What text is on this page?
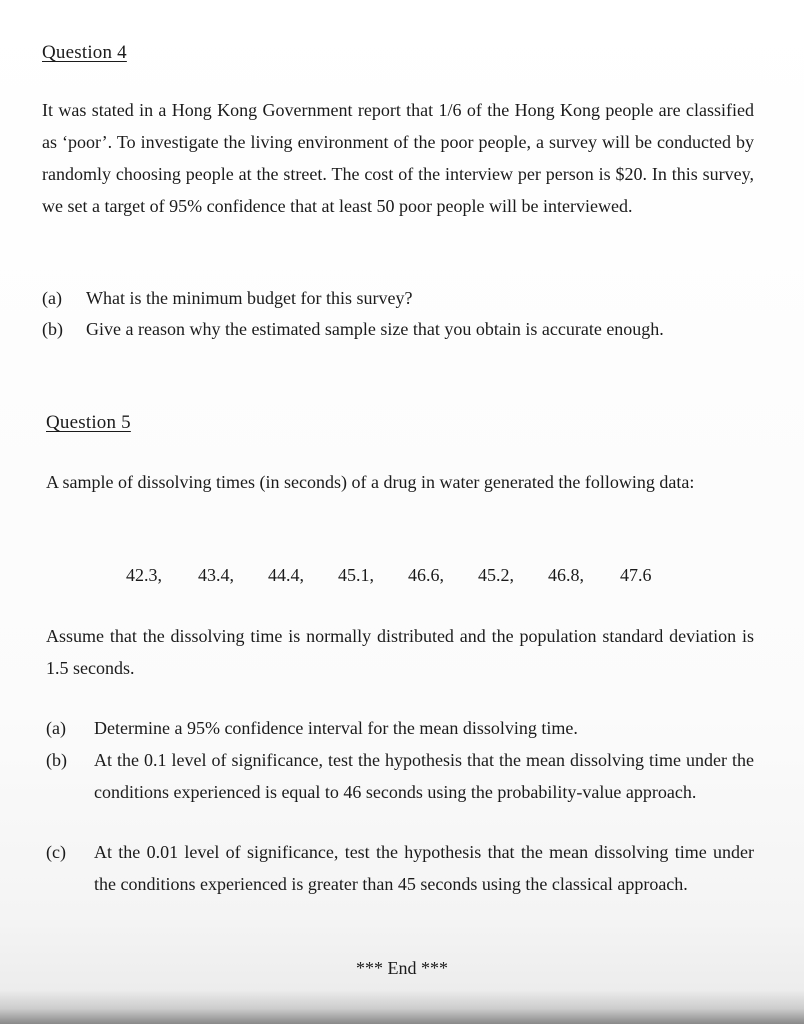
Question 4
It was stated in a Hong Kong Government report that 1/6 of the Hong Kong people are classified as ‘poor’. To investigate the living environment of the poor people, a survey will be conducted by randomly choosing people at the street. The cost of the interview per person is $20. In this survey, we set a target of 95% confidence that at least 50 poor people will be interviewed.
(a) What is the minimum budget for this survey?
(b) Give a reason why the estimated sample size that you obtain is accurate enough.
Question 5
A sample of dissolving times (in seconds) of a drug in water generated the following data:
42.3, 43.4, 44.4, 45.1, 46.6, 45.2, 46.8, 47.6
Assume that the dissolving time is normally distributed and the population standard deviation is 1.5 seconds.
(a) Determine a 95% confidence interval for the mean dissolving time.
(b) At the 0.1 level of significance, test the hypothesis that the mean dissolving time under the conditions experienced is equal to 46 seconds using the probability-value approach.
(c) At the 0.01 level of significance, test the hypothesis that the mean dissolving time under the conditions experienced is greater than 45 seconds using the classical approach.
*** End ***
